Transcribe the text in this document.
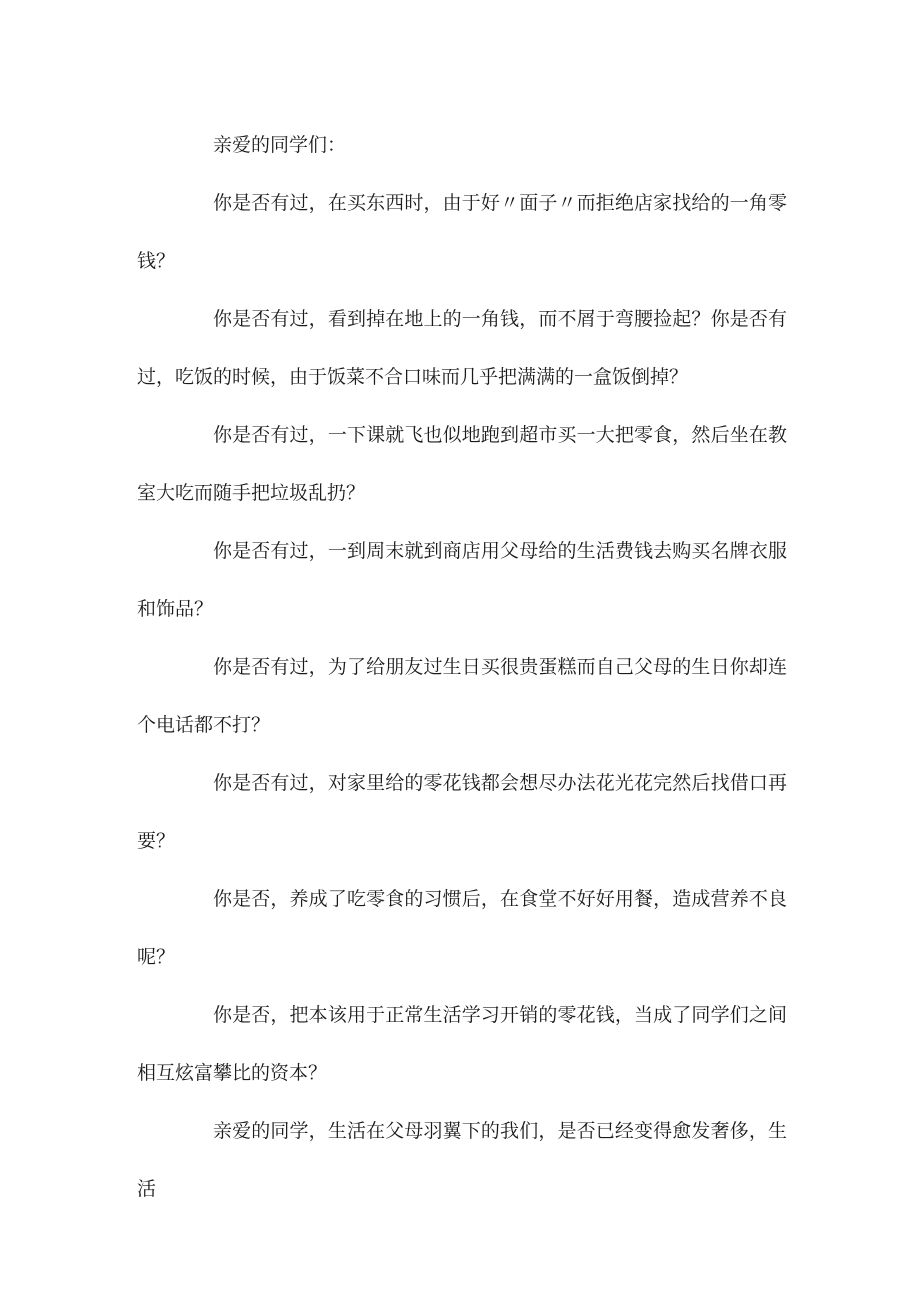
亲爱的同学们：

你是否有过，在买东西时，由于好〃面子〃而拒绝店家找给的一角零钱？

你是否有过，看到掉在地上的一角钱，而不屑于弯腰捡起？你是否有过，吃饭的时候，由于饭菜不合口味而几乎把满满的一盒饭倒掉？

你是否有过，一下课就飞也似地跑到超市买一大把零食，然后坐在教室大吃而随手把垃圾乱扔？

你是否有过，一到周末就到商店用父母给的生活费钱去购买名牌衣服和饰品？

你是否有过，为了给朋友过生日买很贵蛋糕而自己父母的生日你却连个电话都不打？

你是否有过，对家里给的零花钱都会想尽办法花光花完然后找借口再要？

你是否，养成了吃零食的习惯后，在食堂不好好用餐，造成营养不良呢？

你是否，把本该用于正常生活学习开销的零花钱，当成了同学们之间相互炫富攀比的资本？

亲爱的同学，生活在父母羽翼下的我们，是否已经变得愈发奢侈，生活
